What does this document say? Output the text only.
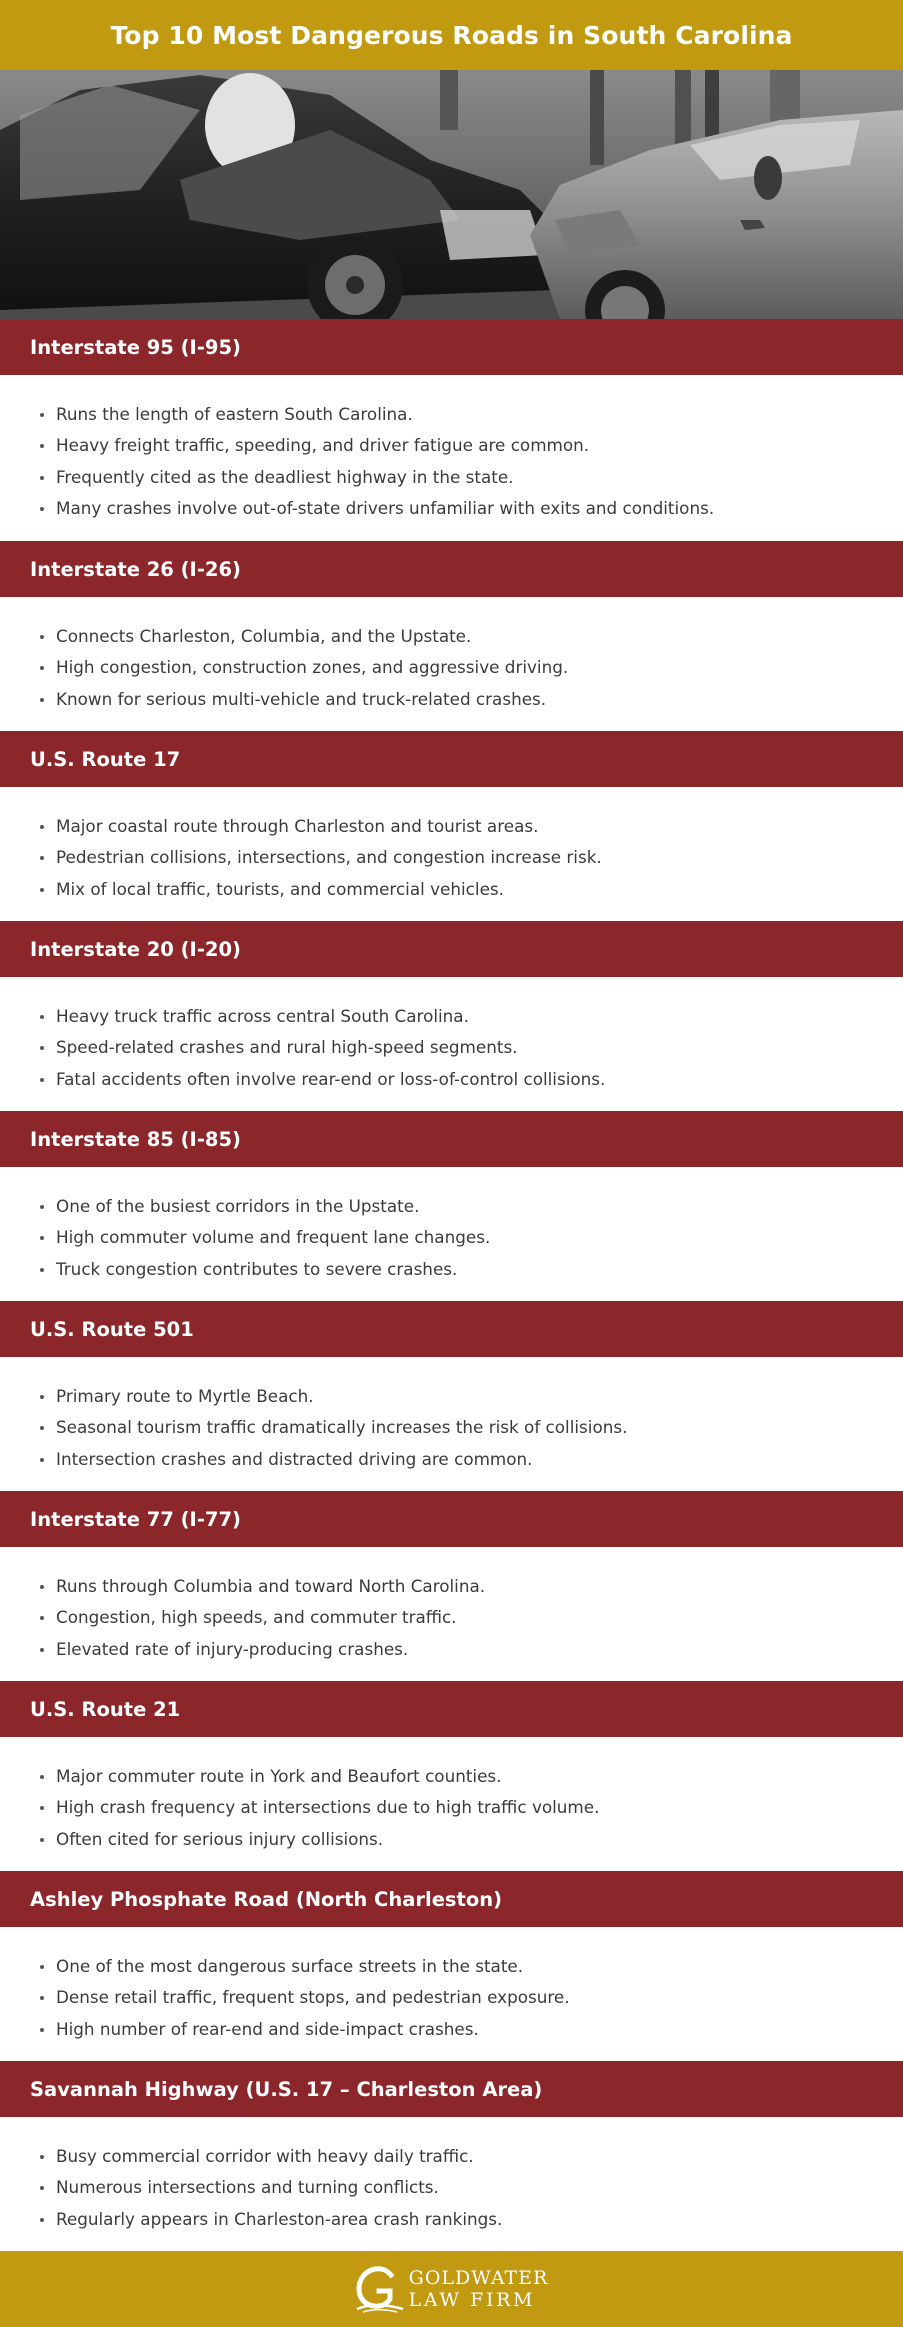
Top 10 Most Dangerous Roads in South Carolina
Interstate 95 (I-95)
Runs the length of eastern South Carolina.
Heavy freight traffic, speeding, and driver fatigue are common.
Frequently cited as the deadliest highway in the state.
Many crashes involve out-of-state drivers unfamiliar with exits and conditions.
Interstate 26 (I-26)
Connects Charleston, Columbia, and the Upstate.
High congestion, construction zones, and aggressive driving.
Known for serious multi-vehicle and truck-related crashes.
U.S. Route 17
Major coastal route through Charleston and tourist areas.
Pedestrian collisions, intersections, and congestion increase risk.
Mix of local traffic, tourists, and commercial vehicles.
Interstate 20 (I-20)
Heavy truck traffic across central South Carolina.
Speed-related crashes and rural high-speed segments.
Fatal accidents often involve rear-end or loss-of-control collisions.
Interstate 85 (I-85)
One of the busiest corridors in the Upstate.
High commuter volume and frequent lane changes.
Truck congestion contributes to severe crashes.
U.S. Route 501
Primary route to Myrtle Beach.
Seasonal tourism traffic dramatically increases the risk of collisions.
Intersection crashes and distracted driving are common.
Interstate 77 (I-77)
Runs through Columbia and toward North Carolina.
Congestion, high speeds, and commuter traffic.
Elevated rate of injury-producing crashes.
U.S. Route 21
Major commuter route in York and Beaufort counties.
High crash frequency at intersections due to high traffic volume.
Often cited for serious injury collisions.
Ashley Phosphate Road (North Charleston)
One of the most dangerous surface streets in the state.
Dense retail traffic, frequent stops, and pedestrian exposure.
High number of rear-end and side-impact crashes.
Savannah Highway (U.S. 17 – Charleston Area)
Busy commercial corridor with heavy daily traffic.
Numerous intersections and turning conflicts.
Regularly appears in Charleston-area crash rankings.
GOLDWATER
LAW FIRM
